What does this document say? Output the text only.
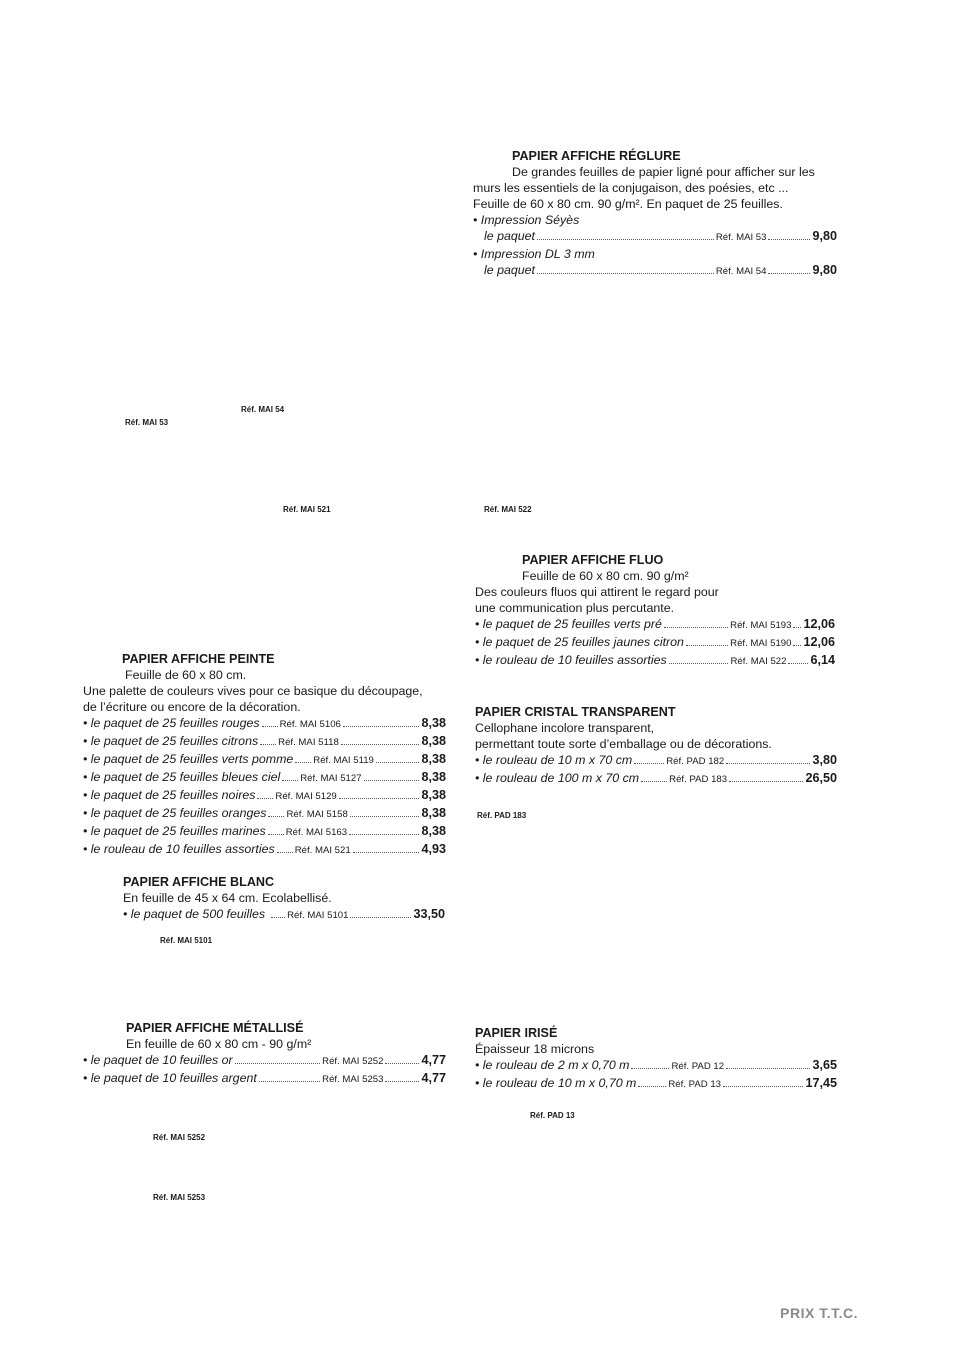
PAPIER AFFICHE RÉGLURE
De grandes feuilles de papier ligné pour afficher sur les
murs les essentiels de la conjugaison, des poésies, etc ...
Feuille de 60 x 80 cm. 90 g/m². En paquet de 25 feuilles.
• Impression Séyès
le paquet	Réf. MAI 53	9,80
• Impression DL 3 mm
le paquet	Réf. MAI 54	9,80
Réf. MAI 54
Réf. MAI 53
Réf. MAI 521	Réf. MAI 522
PAPIER AFFICHE FLUO
Feuille de 60 x 80 cm. 90 g/m²
Des couleurs fluos qui attirent le regard pour
une communication plus percutante.
• le paquet de 25 feuilles verts pré	Réf. MAI 5193 12,06
• le paquet de 25 feuilles jaunes citron	Réf. MAI 5190 12,06
• le rouleau de 10 feuilles assorties	Réf. MAI 522 6,14
PAPIER AFFICHE PEINTE
Feuille de 60 x 80 cm.
Une palette de couleurs vives pour ce basique du découpage,
de l’écriture ou encore de la décoration.
• le paquet de 25 feuilles rouges Réf. MAI 5106	8,38
• le paquet de 25 feuilles citrons Réf. MAI 5118	8,38
• le paquet de 25 feuilles verts pomme Réf. MAI 5119	8,38
• le paquet de 25 feuilles bleues ciel Réf. MAI 5127	8,38
• le paquet de 25 feuilles noires Réf. MAI 5129	8,38
• le paquet de 25 feuilles oranges Réf. MAI 5158	8,38
• le paquet de 25 feuilles marines Réf. MAI 5163	8,38
• le rouleau de 10 feuilles assorties Réf. MAI 521	4,93
PAPIER CRISTAL TRANSPARENT
Cellophane incolore transparent,
permettant toute sorte d’emballage ou de décorations.
• le rouleau de 10 m x 70 cm	Réf. PAD 182	3,80
• le rouleau de 100 m x 70 cm	Réf. PAD 183	26,50
Réf. PAD 183
PAPIER AFFICHE BLANC
En feuille de 45 x 64 cm. Ecolabellisé.
• le paquet de 500 feuilles Réf. MAI 5101	33,50
Réf. MAI 5101
PAPIER AFFICHE MÉTALLISÉ
En feuille de 60 x 80 cm - 90 g/m²
• le paquet de 10 feuilles or	Réf. MAI 5252	4,77
• le paquet de 10 feuilles argent	Réf. MAI 5253	4,77
PAPIER IRISÉ
Épaisseur 18 microns
• le rouleau de 2 m x 0,70 m	Réf. PAD 12	3,65
• le rouleau de 10 m x 0,70 m	Réf. PAD 13	17,45
Réf. PAD 13
Réf. MAI 5252
Réf. MAI 5253
PRIX T.T.C.
